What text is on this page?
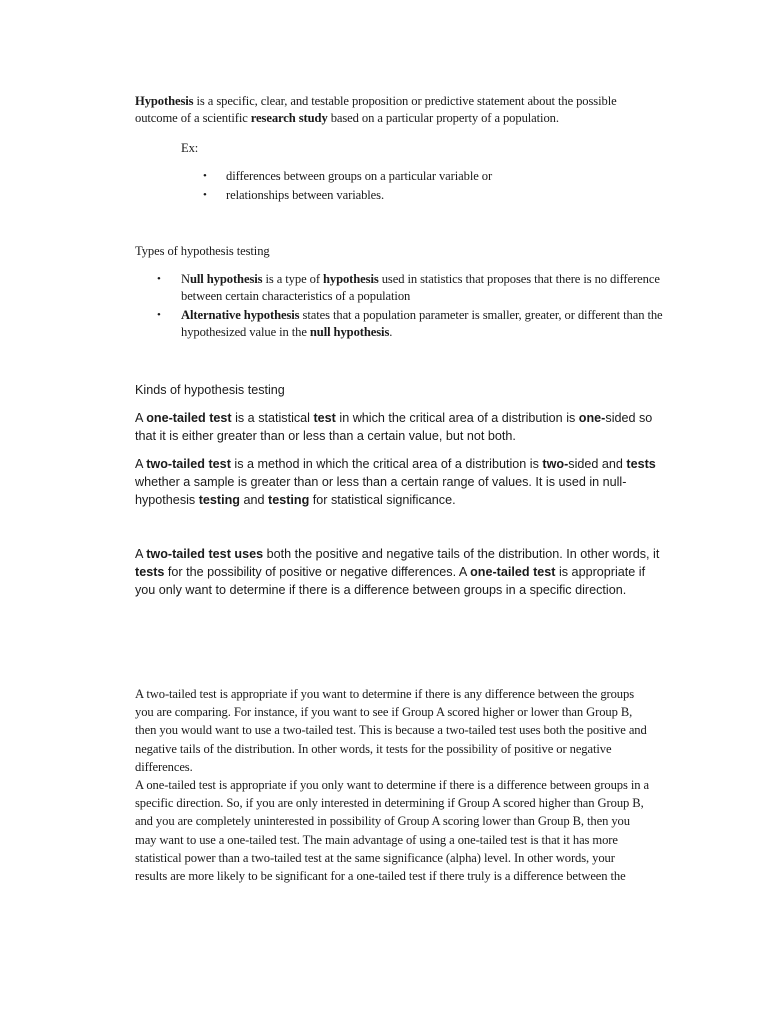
Hypothesis is a specific, clear, and testable proposition or predictive statement about the possible outcome of a scientific research study based on a particular property of a population.

Ex:

• differences between groups on a particular variable or
• relationships between variables.

Types of hypothesis testing

• Null hypothesis is a type of hypothesis used in statistics that proposes that there is no difference between certain characteristics of a population
• Alternative hypothesis states that a population parameter is smaller, greater, or different than the hypothesized value in the null hypothesis.

Kinds of hypothesis testing

A one-tailed test is a statistical test in which the critical area of a distribution is one-sided so that it is either greater than or less than a certain value, but not both.

A two-tailed test is a method in which the critical area of a distribution is two-sided and tests whether a sample is greater than or less than a certain range of values. It is used in null-hypothesis testing and testing for statistical significance.

A two-tailed test uses both the positive and negative tails of the distribution. In other words, it tests for the possibility of positive or negative differences. A one-tailed test is appropriate if you only want to determine if there is a difference between groups in a specific direction.

A two-tailed test is appropriate if you want to determine if there is any difference between the groups you are comparing. For instance, if you want to see if Group A scored higher or lower than Group B, then you would want to use a two-tailed test. This is because a two-tailed test uses both the positive and negative tails of the distribution. In other words, it tests for the possibility of positive or negative differences.
A one-tailed test is appropriate if you only want to determine if there is a difference between groups in a specific direction. So, if you are only interested in determining if Group A scored higher than Group B, and you are completely uninterested in possibility of Group A scoring lower than Group B, then you may want to use a one-tailed test. The main advantage of using a one-tailed test is that it has more statistical power than a two-tailed test at the same significance (alpha) level. In other words, your results are more likely to be significant for a one-tailed test if there truly is a difference between the
